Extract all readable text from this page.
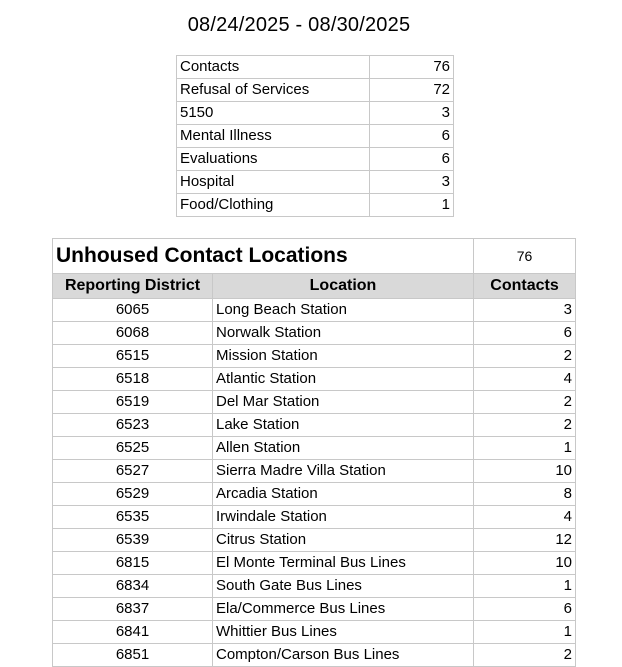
08/24/2025 - 08/30/2025
Contacts	76
Refusal of Services	72
5150	3
Mental Illness	6
Evaluations	6
Hospital	3
Food/Clothing	1
Unhoused Contact Locations		76
Reporting District	Location	Contacts
6065	Long Beach Station	3
6068	Norwalk Station	6
6515	Mission Station	2
6518	Atlantic Station	4
6519	Del Mar Station	2
6523	Lake Station	2
6525	Allen Station	1
6527	Sierra Madre Villa Station	10
6529	Arcadia Station	8
6535	Irwindale Station	4
6539	Citrus Station	12
6815	El Monte Terminal Bus Lines	10
6834	South Gate Bus Lines	1
6837	Ela/Commerce Bus Lines	6
6841	Whittier Bus Lines	1
6851	Compton/Carson Bus Lines	2
